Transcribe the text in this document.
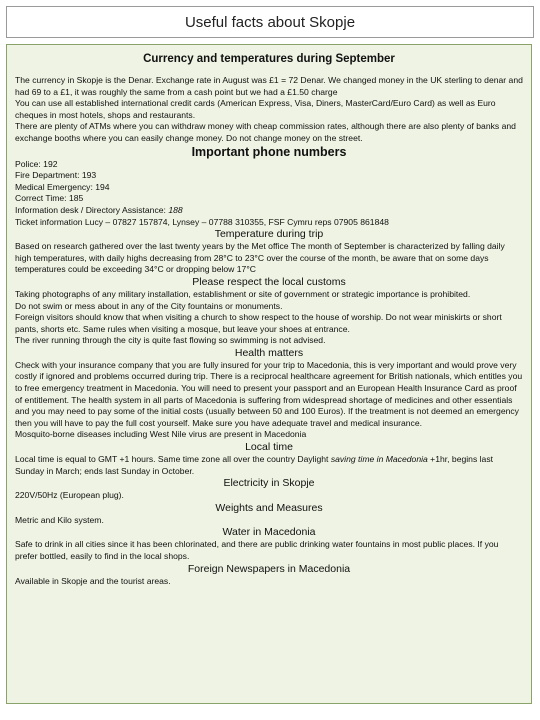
Useful facts about Skopje
Currency and temperatures during September

The currency in Skopje is the Denar. Exchange rate in August was £1 = 72 Denar. We changed money in the UK sterling to denar and had 69 to a £1, it was roughly the same from a cash point but we had a £1.50 charge
You can use all established international credit cards (American Express, Visa, Diners, MasterCard/Euro Card) as well as Euro cheques in most hotels, shops and restaurants.
There are plenty of ATMs where you can withdraw money with cheap commission rates, although there are also plenty of banks and exchange booths where you can easily change money. Do not change money on the street.

Important phone numbers

Police: 192
Fire Department: 193
Medical Emergency: 194
Correct Time: 185
Information desk / Directory Assistance: 188
Ticket information Lucy – 07827 157874, Lynsey – 07788 310355, FSF Cymru reps 07905 861848

Temperature during trip

Based on research gathered over the last twenty years by the Met office The month of September is characterized by falling daily high temperatures, with daily highs decreasing from 28°C to 23°C over the course of the month, be aware that on some days temperatures could be exceeding 34°C or dropping below 17°C

Please respect the local customs

Taking photographs of any military installation, establishment or site of government or strategic importance is prohibited.
Do not swim or mess about in any of the City fountains or monuments.
Foreign visitors should know that when visiting a church to show respect to the house of worship. Do not wear miniskirts or short pants, shorts etc. Same rules when visiting a mosque, but leave your shoes at entrance.
The river running through the city is quite fast flowing so swimming is not advised.

Health matters

Check with your insurance company that you are fully insured for your trip to Macedonia, this is very important and would prove very costly if ignored and problems occurred during trip. There is a reciprocal healthcare agreement for British nationals, which entitles you to free emergency treatment in Macedonia. You will need to present your passport and an European Health Insurance Card as proof of entitlement. The health system in all parts of Macedonia is suffering from widespread shortage of medicines and other essentials and you may need to pay some of the initial costs (usually between 50 and 100 Euros). If the treatment is not deemed an emergency then you will have to pay the full cost yourself. Make sure you have adequate travel and medical insurance.
Mosquito-borne diseases including West Nile virus are present in Macedonia

Local time

Local time is equal to GMT +1 hours. Same time zone all over the country Daylight saving time in Macedonia +1hr, begins last Sunday in March; ends last Sunday in October.

Electricity in Skopje

220V/50Hz (European plug).

Weights and Measures

Metric and Kilo system.

Water in Macedonia

Safe to drink in all cities since it has been chlorinated, and there are public drinking water fountains in most public places. If you prefer bottled, easily to find in the local shops.

Foreign Newspapers in Macedonia

Available in Skopje and the tourist areas.
